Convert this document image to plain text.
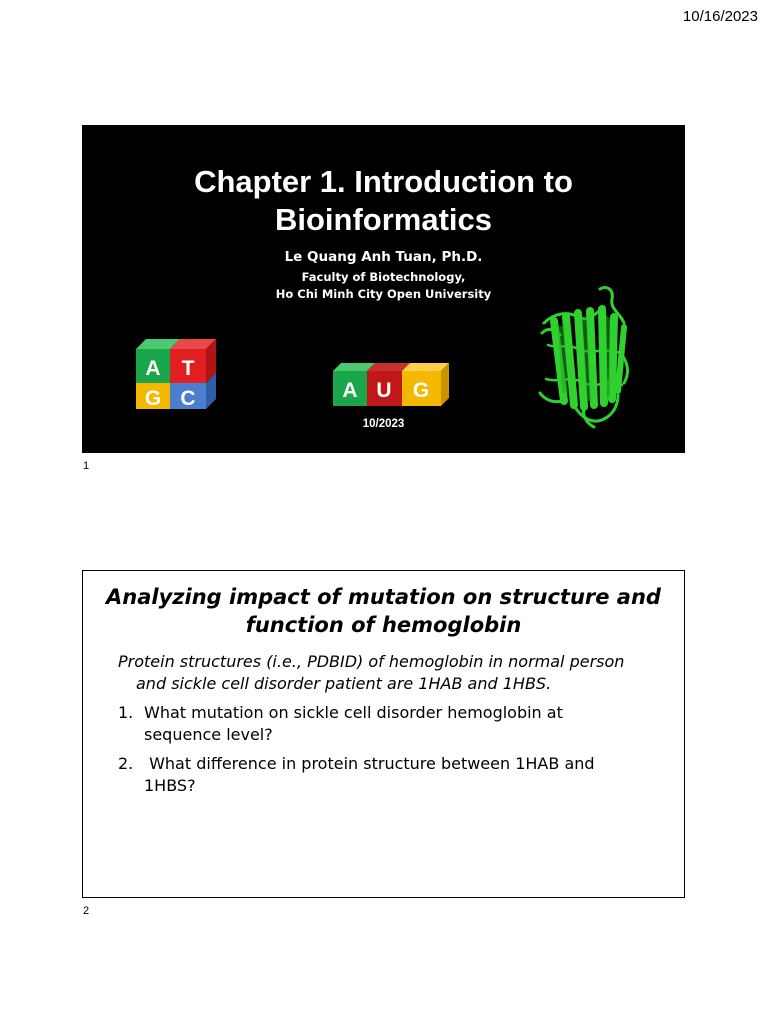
10/16/2023
Chapter 1. Introduction to
Bioinformatics
Le Quang Anh Tuan, Ph.D.
Faculty of Biotechnology,
Ho Chi Minh City Open University
A T
G C	A U G
10/2023
1
Analyzing impact of mutation on structure and
function of hemoglobin
Protein structures (i.e., PDBID) of hemoglobin in normal person
and sickle cell disorder patient are 1HAB and 1HBS.
1. What mutation on sickle cell disorder hemoglobin at
sequence level?
2. What difference in protein structure between 1HAB and
1HBS?
2
